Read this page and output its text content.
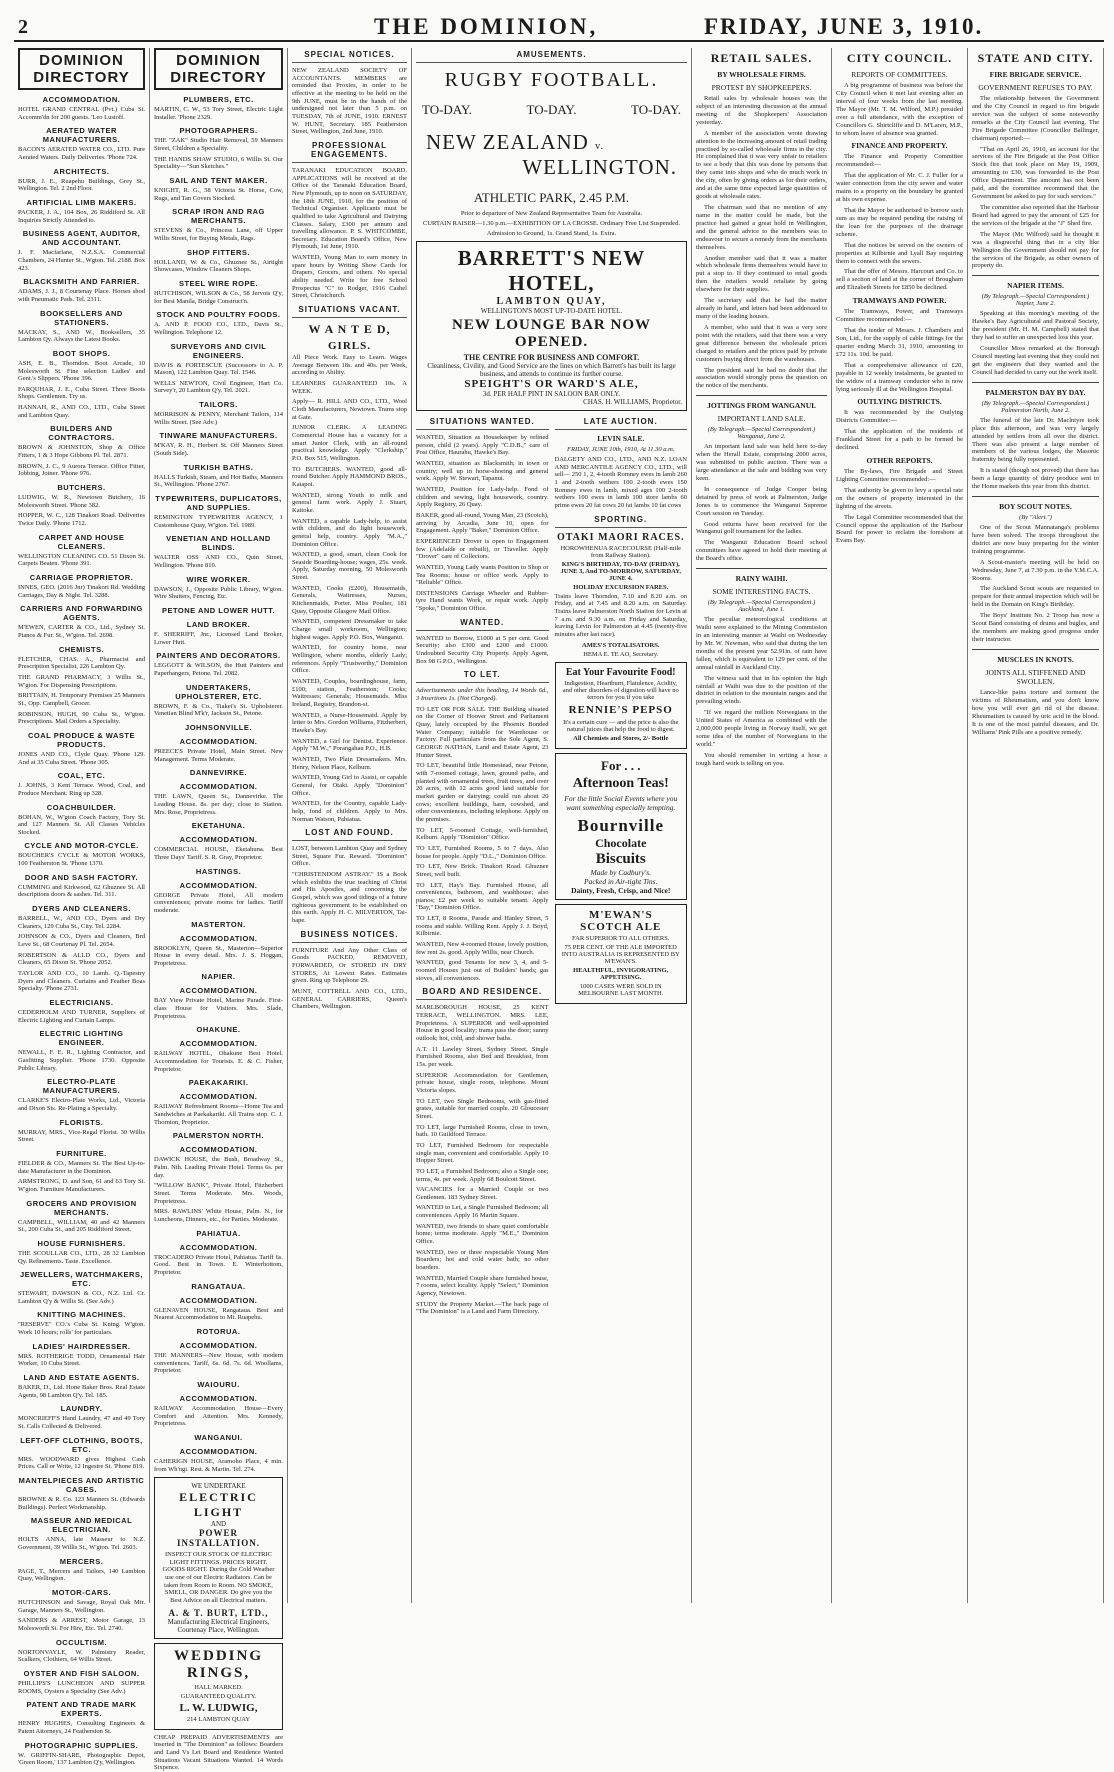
2	THE DOMINION,	FRIDAY, JUNE 3, 1910.
DOMINION DIRECTORY
ACCOMMODATION.
HOTEL GRAND CENTRAL (Pvt.) Cuba St. Accomm'dn for 200 guests. 'Leo Lustoff.
AERATED WATER MANUFACTURERS.
BACON'S AERATED WATER CO., LTD. Pure Aerated Waters. Daily Deliveries. 'Phone 724.
ARCHITECTS.
BURR, J. E., Ruapehu Buildings, Grey St., Wellington. Tel. 2 2nd Floor.
ARTIFICIAL LIMB MAKERS.
PACKER, J. A., 104 Box, 26 Riddiford St. All Inquiries Strictly Attended to.
BUSINESS AGENT, AUDITOR, AND ACCOUNTANT.
J. F. Macfarlane, N.Z.S.A. Commercial Chambers, 24 Hunter St., Wgton. Tel. 2188. Box 423.
BLACKSMITH AND FARRIER.
ADAMS, J. J., 8 Courtenay Place. Horses shod with Pneumatic Pads. Tel. 2311.
BOOKSELLERS AND STATIONERS.
MACKAY, S., AND W., Booksellers, 35 Lambton Qy. Always the Latest Books.
BOOT SHOPS.
ASH, E. B., Thorndon. Boot Arcade, 10 Molesworth St. Fine selection Ladies' and Gent.'s Slippers. 'Phone 396.
FARQUHAR, J. E., Cuba Street. Three Boots Shops. Gentlemen. Try us.
HANNAH, R., AND CO., LTD., Cuba Street and Lambton Quay.
BUILDERS AND CONTRACTORS.
BROWN & JOHNSTON, Shop & Office Fitters, 1 & 3 Hope Gibbons Pl. Tel. 2871.
BROWN, J. C., 9 Aurora Terrace. Office Fitter, Jobbing, Joiner. 'Phone 976.
BUTCHERS.
LUDWIG, W. R., Newtown Butchery, 16 Molesworth Street. 'Phone 382.
HOPPER, W. C., 128 Tinakori Road. Deliveries Twice Daily. 'Phone 1712.
CARPET AND HOUSE CLEANERS.
WELLINGTON CLEANING CO. 51 Dixon St. Carpets Beaten. 'Phone 391.
CARRIAGE PROPRIETOR.
INNES, GEO. (2016 Jnr) Tinakori Rd. Wedding Carriages, Day & Night. Tel. 3288.
CARRIERS AND FORWARDING AGENTS.
M'EWEN, CARTER & CO., Ltd., Sydney St. Pianos & Fur. St., W'gton. Tel. 2698.
CHEMISTS.
FLETCHER, CHAS. A., Pharmacist and Prescription Specialist, 226 Lambton Qy.
THE GRAND PHARMACY, 3 Willis St., W'gton. For Dispensing Prescriptions.
BRITTAIN, H. Temporary Premises 25 Manners St., Opp. Campbell, Grocer.
ROBINSON, HUGH, 90 Cuba St., W'gton. Prescriptions. Mail Orders a Speciality.
COAL PRODUCE & WASTE PRODUCTS.
JONES AND CO., Clyde Quay. 'Phone 129. And at 35 Cuba Street. 'Phone 305.
COAL, ETC.
J. JOHNS, 3 Kent Terrace. Wood, Coal, and Produce Merchant. Ring up 328.
COACHBUILDER.
BOHAN, W., W'gton Coach Factory, Tory St. and 127 Manners St. All Classes Vehicles Stocked.
CYCLE AND MOTOR-CYCLE.
BOUCHER'S CYCLE & MOTOR WORKS, 100 Featherston St. 'Phone 1370.
DOOR AND SASH FACTORY.
CUMMING and Kirkwood, 62 Ghuznee St. All descriptions doors & sashes. Tel. 311.
DYERS AND CLEANERS.
BARRELL, W., AND CO., Dyers and Dry Cleaners, 129 Cuba St., City. Tel. 2284.
JOHNSON & CO., Dyers and Cleaners, Brd Leve St., 68 Courtenay Pl. Tel. 2654.
ROBERTSON & ALLD CO., Dyers and Cleaners, 65 Dixon St. 'Phone 2052.
TAYLOR AND CO., 10 Lamb. Q.-Tapestry Dyers and Cleaners. Curtains and Feather Boas Specialty. 'Phone 2731.
ELECTRICIANS.
CEDERHOLM AND TURNER, Suppliers of Electric Lighting and Curtain Lamps.
ELECTRIC LIGHTING ENGINEER.
NEWALL, F. E. R., Lighting Contractor, and Gasfitting Supplier. 'Phone 1730. Opposite Public Library.
ELECTRO-PLATE MANUFACTURERS.
CLARKE'S Electro-Plate Works, Ltd., Victoria and Dixon Sts. Re-Plating a Specialty.
FLORISTS.
MURRAY, MRS., Vice-Regal Florist. 30 Willis Street.
FURNITURE.
FIELDER & CO., Manners St. The Best Up-to-date Manufacturer in the Dominion.
ARMSTRONG, D. and Son, 61 and 63 Tory St. W'gton. Furniture Manufacturers.
GROCERS AND PROVISION MERCHANTS.
CAMPBELL, WILLIAM, 40 and 42 Manners St., 200 Cuba St., and 205 Riddiford Street.
HOUSE FURNISHERS.
THE SCOULLAR CO., LTD., 28 32 Lambton Qy. Refinements. Taste. Excellence.
JEWELLERS, WATCHMAKERS, ETC.
STEWART, DAWSON & CO., N.Z. Ltd. Cr. Lambton Q'y & Willis St. (See Adv.)
KNITTING MACHINES.
"RESERVE" CO.'s Cuba St. Kntng. W'gton. Work 10 hours; rolls' for particulars.
LADIES' HAIRDRESSER.
MRS. ROTHERIGE TODD, Ornamental Hair Worker, 10 Cuba Street.
LAND AND ESTATE AGENTS.
BAKER, D., Ltd. Hone Baker Bros. Real Estate Agents, 98 Lambton Q'y. Tel. 185.
LAUNDRY.
MONCRIEFF'S Hand Laundry, 47 and 49 Tory St. Calls Collected & Delivered.
LEFT-OFF CLOTHING, BOOTS, ETC.
MRS. WOODWARD gives Highest Cash Prices. Call or Write, 12 Ingestre St. 'Phone 819.
MANTELPIECES AND ARTISTIC CASES.
BROWNE & R. Co. 123 Manners St. (Edwards Buildings). Perfect Workmanship.
MASSEUR AND MEDICAL ELECTRICIAN.
HOLTS ANNA, late Masseur to N.Z. Government, 39 Willis St., W'gton. Tel. 2603.
MERCERS.
PAGE, T., Mercers and Tailors, 140 Lambton Quay, Wellington.
MOTOR-CARS.
HUTCHINSON and Savage, Royal Oak Mtr. Garage, Manners St., Wellington.
SANDERS & ARREST, Motor Garage, 13 Molesworth St. For Hire, Etc. Tel. 2740.
OCCULTISM.
NORTONVAYLE, W. Palmistry Reader, Scalkers, Clothiers, 64 Willis Street.
OYSTER AND FISH SALOON.
PHILLIPS'S LUNCHEON AND SUPPER ROOMS, Oysters a Speciality (See Adv.)
PATENT AND TRADE MARK EXPERTS.
HENRY HUGHES, Consulting Engineers & Patent Attorneys, 24 Featherston St.
PHOTOGRAPHIC SUPPLIES.
W. GRIFFIN-SHARE, Photographic Depot, 'Green Room,' 137 Lambton Q'y, Wellington.
DOMINION DIRECTORY
PLUMBERS, ETC.
MARTIN, C. W., 53 Tory Street, Electric Light Installer. 'Phone 2329.
PHOTOGRAPHERS.
THE "ZAK" Studio Hair Removal, 59 Manners Street, Children a Speciality.
THE HANDS SHAW STUDIO, 6 Willis St. Our Speciality—"Sun Sketches."
SAIL AND TENT MAKER.
KNIGHT, R. G., 58 Victoria St. Horse, Cow, Rugs, and Tan Covers Stocked.
SCRAP IRON AND RAG MERCHANTS.
STEVENS & Co., Princess Lane, off Upper Willis Street, for Buying Metals, Rags.
SHOP FITTERS.
HOLLAND, W. & Co., Ghuznee St., Airtight Showcases, Window Cleaners Shops.
STEEL WIRE ROPE.
HUTCHISON, WILSON & Co., 58 Jervois Q'y, for Best Manila, Bridge Construct'n.
STOCK AND POULTRY FOODS.
A. AND P. FOOD CO., LTD., Davis St., Wellington. Telephone 12.
SURVEYORS AND CIVIL ENGINEERS.
DAVIS & FORTESCUE (Successors to A. P. Mason), 122 Lambton Quay. Tel. 1546.
WELLS NEWTON, Civil Engineer, Hart Co. Survey'r, 20 Lambton Q'y. Tel. 2021.
TAILORS.
MORRISON & PENNY, Merchant Tailors, 114 Willis Street. (See Adv.)
TINWARE MANUFACTURERS.
M'KAY, R. H., Herbert St. Off Manners Street (South Side).
TURKISH BATHS.
HALLS Turkish, Steam, and Hot Baths, Manners St., Wellington. 'Phone 2767.
TYPEWRITERS, DUPLICATORS, AND SUPPLIES.
REMINGTON TYPEWRITER AGENCY, 1 Customhouse Quay, W'gton. Tel. 1989.
VENETIAN AND HOLLAND BLINDS.
WALTER OSS AND CO., Quin Street, Wellington. 'Phone 810.
WIRE WORKER.
DAWSON, J., Opposite Public Library, W'gton. Wire Shutters, Fencing, Etc.
PETONE AND LOWER HUTT.
LAND BROKER.
F. SHERRIFF, Jnr., Licensed Land Broker, Lower Hutt.
PAINTERS AND DECORATORS.
LEGGOTT & WILSON, the Hutt Painters and Paperhangers, Petone. Tel. 2082.
UNDERTAKERS, UPHOLSTERER, ETC.
BROWN, F. & Co., Tiakei's St. Upholsterer. Venetian Blind M'k'r, Jackson St., Petone.
JOHNSONVILLE.
ACCOMMODATION.
PREECE'S Private Hotel, Main Street. New Management. Terms Moderate.
DANNEVIRKE.
ACCOMMODATION.
THE LAWN, Queen St., Dannevirke. The Leading House. 8s. per day; close to Station. Mrs. Rose, Proprietress.
EKETAHUNA.
ACCOMMODATION.
COMMERCIAL HOUSE, Eketahuna. Best Three Days' Tariff. S. R. Gray, Proprietor.
HASTINGS.
ACCOMMODATION.
GEORGE Private Hotel, All modern conveniences; private rooms for ladies. Tariff moderate.
MASTERTON.
ACCOMMODATION.
BROOKLYN, Queen St., Masterton—Superior House in every detail. Mrs. J. S. Hoggan, Proprietress.
NAPIER.
ACCOMMODATION.
BAY View Private Hotel, Marine Parade. First-class House for Visitors. Mrs. Slade, Proprietress.
OHAKUNE.
ACCOMMODATION.
RAILWAY HOTEL, Ohakune Best Hotel. Accommodation for Tourists. E. & C. Fisher, Proprietor.
PAEKAKARIKI.
ACCOMMODATION.
RAILWAY Refreshment Rooms—Home Tea and Sandwiches at Paekakariki. All Trains stop. C. J. Thornton, Proprietor.
PALMERSTON NORTH.
ACCOMMODATION.
DAWICK HOUSE, the Bush, Broadway St., Palm. Nth. Leading Private Hotel. Terms 6s. per day.
"WILLOW BANK", Private Hotel, Fitzherbert Street. Terms Moderate. Mrs. Woods, Proprietress.
MRS. RAWLINS' White House, Palm. N., for Luncheons, Dinners, etc., for Parties. Moderate.
PAHIATUA.
ACCOMMODATION.
TROCADERO Private Hotel, Pahiatua. Tariff 6s. Good. Best in Town. E. Winterbottom, Proprietor.
RANGATAUA.
ACCOMMODATION.
GLENAVEN HOUSE, Rangataua. Best and Nearest Accommodation to Mt. Ruapehu.
ROTORUA.
ACCOMMODATION.
THE MANNERS—New House, with modern conveniences. Tariff, 6s. 6d. 7s. 6d. Woollams, Proprietor.
WAIOURU.
ACCOMMODATION.
RAILWAY Accommodation House—Every Comfort and Attention. Mrs. Kennedy, Proprietress.
WANGANUI.
ACCOMMODATION.
CAHERIGN HOUSE, Aramoho Place, 4 min. from Wh'ngi. Rest. & Martin. Tel. 274.
WE UNDERTAKE
ELECTRIC LIGHT
AND
POWER INSTALLATION.
INSPECT OUR STOCK OF ELECTRIC LIGHT FITTINGS. PRICES RIGHT. GOODS RIGHT. During the Cold Weather use one of our Electric Radiators. Can be taken from Room to Room. NO SMOKE, SMELL, OR DANGER. Do give you the Best Advice on all Electrical matters.
A. & T. BURT, LTD.,
Manufacturing Electrical Engineers, Courtenay Place, Wellington.
WEDDING RINGS,
HALL MARKED.
GUARANTEED QUALITY.
L. W. LUDWIG,
214 LAMBTON QUAY
CHEAP PREPAID ADVERTISEMENTS are inserted in "The Dominion" as follows: Boarders and Land Vs Let Board and Residence Wanted Situations Vacant Situations Wanted. 14 Words Sixpence.
SPECIAL NOTICES.
NEW ZEALAND SOCIETY OF ACCOUNTANTS. MEMBERS are reminded that Proxies, in order to be effective at the meeting to be held on the 9th JUNE, must be in the hands of the undersigned not later than 5 p.m. on TUESDAY, 7th of JUNE, 1910. ERNEST W. HUNT, Secretary. 185 Featherston Street, Wellington, 2nd June, 1910.
PROFESSIONAL ENGAGEMENTS.
TARANAKI EDUCATION BOARD. APPLICATIONS will be received at the Office of the Taranaki Education Board, New Plymouth, up to noon on SATURDAY, the 18th JUNE, 1910, for the position of Technical Organiser. Applicants must be qualified to take Agricultural and Dairying Classes. Salary, £300 per annum and travelling allowance. P. S. WHITCOMBE, Secretary. Education Board's Office, New Plymouth, 1st June, 1910.
WANTED, Young Man to earn money in spare hours by Writing Show Cards for Drapers, Grocers, and others. No special ability needed. Write for free School Prospectus "C" to Rodger, 1916 Cashel Street, Christchurch.
SITUATIONS VACANT.
W A N T E D,
GIRLS.
All Piece Work. Easy to Learn. Wages Average Between 18s. and 40s. per Week, according to Ability.
LEARNERS GUARANTEED 10s. A WEEK.
Apply— R. HILL AND CO., LTD., Wool Cloth Manufacturers, Newtown. Trams stop at Gate.
JUNIOR CLERK. A LEADING Commercial House has a vacancy for a smart Junior Clerk, with an all-round practical knowledge. Apply "Clerkship," P.O. Box 515, Wellington.
TO BUTCHERS. WANTED, good all-round Butcher. Apply HAMMOND BROS., Kaiapoi.
WANTED, strong Youth to milk and general farm work. Apply J. Stuart, Kaitoke.
WANTED, a capable Lady-help, to assist with children, and do light housework, general help, country. Apply "M.A.," Dominion Office.
WANTED, a good, smart, clean Cook for Seaside Boarding-house; wages, 25s. week. Apply, Saturday morning, 50 Molesworth Street.
WANTED, Cooks (£200), Housemaids, Generals, Waitresses, Nurses, Kitchenmaids, Porter. Miss Poulter, 181 Quay, Opposite Glasgow Mail Office.
WANTED, competent Dressmaker to take Charge small workroom, Wellington; highest wages. Apply P.O. Box, Wanganui.
WANTED, for country home, near Wellington, where months, elderly Lady; references. Apply "Trustworthy," Dominion Office.
WANTED, Couples, boardinghouse, farm, £100; station, Featherston; Cooks; Waitresses; Generals; Housemaids. Miss Ireland, Registry, Brandon-st.
WANTED, a Nurse-Housemaid. Apply by letter to Mrs. Gordon Williams, Fitzherbert, Hawke's Bay.
WANTED, a Girl for Dentist. Experience. Apply "M.W.," Porangahau P.O., H.B.
WANTED, Two Plain Dressmakers. Mrs. Henry, Nelson Place, Kelburn.
WANTED, Young Girl to Assist, or capable General, for Otaki. Apply "Dominion" Office.
WANTED, for the Country, capable Lady-help, fond of children. Apply to Mrs. Norman Watson, Pahiatua.
LOST AND FOUND.
LOST, between Lambton Quay and Sydney Street, Square Fur. Reward. "Dominion" Office.
"CHRISTENDOM ASTRAY." IS a Book which exhibits the true teaching of Christ and His Apostles, and concerning the Gospel, which was good tidings of a future righteous government to be established on this earth. Apply H. C. MILVERTON, Tai-hape.
BUSINESS NOTICES.
FURNITURE And Any Other Class of Goods PACKED, REMOVED, FORWARDED, Or STORED IN DRY STORES, At Lowest Rates. Estimates given. Ring up Telephone 29.
MUNT, COTTRELL AND CO., LTD., GENERAL CARRIERS, Queen's Chambers, Wellington.
AMUSEMENTS.
RUGBY FOOTBALL.
TO-DAY.	TO-DAY.	TO-DAY.
NEW ZEALAND v.
WELLINGTON.
ATHLETIC PARK, 2.45 P.M.
Prior to departure of New Zealand Representative Team for Australia.
CURTAIN RAISER—1.30 p.m.—EXHIBITION OF LA CROSSE. Ordinary Free List Suspended.
Admission to Ground, 1s. Grand Stand, 1s. Extra.
BARRETT'S NEW HOTEL,
LAMBTON QUAY,
WELLINGTON'S MOST UP-TO-DATE HOTEL.
NEW LOUNGE BAR NOW OPENED.
THE CENTRE FOR BUSINESS AND COMFORT.
Cleanliness, Civility, and Good Service are the lines on which Barrett's has built its large business, and attends to continue its further course.
SPEIGHT'S OR WARD'S ALE,
3d. PER HALF PINT IN SALOON BAR ONLY.
CHAS. H. WILLIAMS, Proprietor.
SITUATIONS WANTED.
WANTED, Situation as Housekeeper by refined person, child (2 years). Apply "C.D.B.," care of Post Office, Haurahu, Hawke's Bay.
WANTED, situation as Blacksmith; in town or country; well up in horse-shoeing and general work. Apply W. Stewart, Tapanui.
WANTED, Position for Lady-help. Fond of children and sewing, light housework, country. Apply Registry, 26 Quay.
BAKER, good all-round, Young Man, 23 (Scotch), arriving by Arcadia, June 10, open for Engagement. Apply "Baker," Dominion Office.
EXPERIENCED Drover is open to Engagement few (Adelaide or rebuilt), or Traveller. Apply "Drover" care of Collectors.
WANTED, Young Lady wants Position to Shop or Tea Rooms; house or office work. Apply to "Reliable" Office.
DISTENSIONS Carriage Wheeler and Rubber-tyre Hand wants Work, or repair work. Apply "Spoke," Dominion Office.
WANTED.
WANTED to Borrow, £1000 at 5 per cent. Good Security; also £300 and £200 and £1000. Undoubted Security City Property. Apply Agent, Box 98 G.P.O., Wellington.
TO LET.
Advertisements under this heading, 14 Words 6d., 3 Insertions 1s. (Not Charged).
TO LET OR FOR SALE. THE Building situated on the Corner of Hoover Street and Parliament Quay, lately occupied by the Phoenix Bonded Water Company; suitable for Warehouse or Factory. Full particulars from the Sole Agent, S. GEORGE NATHAN, Land and Estate Agent, 23 Hunter Street.
TO LET, beautiful little Homestead, near Petone, with 7-roomed cottage, lawn, ground paths, and planted with ornamental trees, fruit trees, and over 20 acres, with 12 acres good land suitable for market garden or dairying; could run about 20 cows; excellent buildings, barn, cowshed, and other conveniences, including telephone. Apply on the premises.
TO LET, 5-roomed Cottage, well-furnished, Kelburn. Apply "Dominion" Office.
TO LET, Furnished Rooms, 5 to 7 days. Also house for people. Apply "D.L.," Dominion Office.
TO LET, New Brick. Tinakori Road. Ghuznee Street, well built.
TO LET, Hay's Bay. Furnished House, all conveniences, bathroom, and washhouse; also pianos; £2 per week to suitable tenant. Apply "Bay," Dominion Office.
TO LET, 8 Rooms, Parade and Hanley Street, 5 rooms and stable. Willing Rent. Apply J. J. Boyd, Kilbirnie.
WANTED, New 4-roomed House, lovely position, few rent 2s. good. Apply Willis, near Church.
WANTED, good Tenants for new 3, 4, and 5-roomed Houses just out of Builders' hands; gas stoves, all conveniences.
BOARD AND RESIDENCE.
MARLBOROUGH HOUSE, 25 KENT TERRACE, WELLINGTON. MRS. LEE, Proprietress. A SUPERIOR and well-appointed House in good locality; trams pass the door; sunny outlook; hot, cold, and shower baths.
A.T. 11 Lawley Street, Sydney Street. Single Furnished Rooms, also Bed and Breakfast, from 15s. per week.
SUPERIOR Accommodation for Gentlemen, private house, single room, telephone. Mount Victoria slopes.
TO LET, two Single Bedrooms, with gas-fitted grates, suitable for married couple. 20 Gloucester Street.
TO LET, large Furnished Rooms, close to town, bath. 10 Guildford Terrace.
TO LET, Furnished Bedroom for respectable single man, convenient and comfortable. Apply 10 Hopper Street.
TO LET, a Furnished Bedroom; also a Single one; terms, 4s. per week. Apply 68 Boulcott Street.
VACANCIES for a Married Couple or two Gentlemen. 183 Sydney Street.
WANTED to Let, a Single Furnished Bedroom; all conveniences. Apply 16 Martin Square.
WANTED, two friends to share quiet comfortable home; terms moderate. Apply "M.E.," Dominion Office.
WANTED, two or three respectable Young Men Boarders; hot and cold water bath; no other boarders.
WANTED, Married Couple share furnished house, 7 rooms, select locality. Apply "Select," Dominion Agency, Newtown.
STUDY the Property Market.—The back page of "The Dominion" is a Land and Farm Directory.
LATE AUCTION.
LEVIN SALE.
FRIDAY, JUNE 10th, 1910, At 11.30 a.m.
DALGETY AND CO., LTD., AND N.Z. LOAN AND MERCANTILE AGENCY CO., LTD., will sell— 250 1, 2, 4-tooth Romney ewes in lamb 260 1 and 2-tooth wethers 100 2-tooth ewes 150 Romney ewes in lamb, mixed ages 100 2-tooth wethers 100 ewes in lamb 100 store lambs 60 prime ewes 20 fat cows 20 fat lambs 10 fat cows
SPORTING.
OTAKI MAORI RACES.
HOROWHENUA RACECOURSE (Half-mile from Railway Station).
KING'S BIRTHDAY, TO-DAY (FRIDAY), JUNE 3, And TO-MORROW, SATURDAY, JUNE 4.
HOLIDAY EXCURSION FARES.
Trains leave Thorndon, 7.10 and 8.20 a.m. on Friday, and at 7.45 and 8.20 a.m. on Saturday. Trains leave Palmerston North Station for Levin at 7 a.m. and 9.30 a.m. on Friday and Saturday, leaving Levin for Palmerston at 4.45 (twenty-five minutes after last race).
AMES'S TOTALISATORS.
HEMA E. TE AO, Secretary.
Eat Your Favourite Food!
Indigestion, Heartburn, Flatulence, Acidity, and other disorders of digestion will have no terrors for you if you take
RENNIE'S PEPSO
It's a certain cure — and the price is also the natural juices that help the food to digest.
All Chemists and Stores, 2/- Bottle
For . . .
Afternoon Teas!
For the little Social Events where you want something especially tempting.
Bournville
Chocolate
Biscuits
Made by Cadbury's.
Packed in Air-tight Tins.
Dainty, Fresh, Crisp, and Nice!
M'EWAN'S
SCOTCH ALE
FAR SUPERIOR TO ALL OTHERS.
75 PER CENT. OF THE ALE IMPORTED INTO AUSTRALIA IS REPRESENTED BY M'EWAN'S.
HEALTHFUL, INVIGORATING, APPETISING.
1000 CASES WERE SOLD IN MELBOURNE LAST MONTH.
RETAIL SALES.
BY WHOLESALE FIRMS.
PROTEST BY SHOPKEEPERS.
Retail sales by wholesale houses was the subject of an interesting discussion at the annual meeting of the Shopkeepers' Association yesterday.
A member of the association wrote drawing attention to the increasing amount of retail trading practised by so-called wholesale firms in the city. He complained that it was very unfair to retailers to see a body that this was done by persons that they came into shops and who do much work in the city, often by giving orders as for their orders, and at the same time expected large quantities of goods at wholesale rates.
The chairman said that no mention of any name in the matter could be made, but the practice had gained a great hold in Wellington, and the general advice to the members was to endeavour to secure a remedy from the merchants themselves.
Another member said that it was a matter which wholesale firms themselves would have to put a stop to. If they continued to retail goods then the retailers would retaliate by going elsewhere for their supplies.
The secretary said that he had the matter already in hand, and letters had been addressed to many of the leading houses.
A member, who said that it was a very sore point with the retailers, said that there was a very great difference between the wholesale prices charged to retailers and the prices paid by private customers buying direct from the warehouses.
The president said he had no doubt that the association would strongly press the question on the notice of the merchants.
JOTTINGS FROM WANGANUI.
IMPORTANT LAND SALE.
(By Telegraph.—Special Correspondent.) Wanganui, June 2.
An important land sale was held here to-day when the Herall Estate, comprising 2000 acres, was submitted to public auction. There was a large attendance at the sale and bidding was very keen.
In consequence of Judge Cooper being detained by press of work at Palmerston, Judge Jones is to commence the Wanganui Supreme Court session on Tuesday.
Good returns have been received for the Wanganui golf tournament for the ladies.
The Wanganui Education Board school committees have agreed to hold their meeting at the Board's office.
RAINY WAIHI.
SOME INTERESTING FACTS.
(By Telegraph.—Special Correspondent.) Auckland, June 1.
The peculiar meteorological conditions at Waihi were explained to the Mining Commission in an interesting manner at Waihi on Wednesday by Mr. W. Newman, who said that during the ten months of the present year 52.91in. of rain have fallen, which is equivalent to 129 per cent. of the annual rainfall in Auckland City.
The witness said that in his opinion the high rainfall at Waihi was due to the position of the district in relation to the mountain ranges and the prevailing winds.
"If we regard the million Norwegians in the United States of America as combined with the 2,000,000 people living in Norway itself, we get some idea of the number of Norwegians in the world."
You should remember in writing a hour a tough hard work is telling on you.
CITY COUNCIL.
REPORTS OF COMMITTEES.
A big programme of business was before the City Council when it met last evening after an interval of four weeks from the last meeting. The Mayor (Mr. T. M. Wilford, M.P.) presided over a full attendance, with the exception of Councillors G. Shirtcliffe and D. M'Laren, M.P., to whom leave of absence was granted.
FINANCE AND PROPERTY.
The Finance and Property Committee recommended:—
That the application of Mr. C. J. Fuller for a water connection from the city sewer and water mains to a property on the boundary be granted at his own expense.
That the Mayor be authorised to borrow such sum as may be required pending the raising of the loan for the purposes of the drainage scheme.
That the notices be served on the owners of properties at Kilbirnie and Lyall Bay requiring them to connect with the sewers.
That the offer of Messrs. Harcourt and Co. to sell a section of land at the corner of Brougham and Elizabeth Streets for £850 be declined.
TRAMWAYS AND POWER.
The Tramways, Power, and Tramways Committee recommended:—
That the tender of Messrs. J. Chambers and Son, Ltd., for the supply of cable fittings for the quarter ending March 31, 1910, amounting to £72 11s. 10d. be paid.
That a comprehensive allowance of £20, payable in 12 weekly instalments, be granted to the widow of a tramway conductor who is now lying seriously ill at the Wellington Hospital.
OUTLYING DISTRICTS.
It was recommended by the Outlying Districts Committee:—
That the application of the residents of Frankland Street for a path to be formed be declined.
OTHER REPORTS.
The By-laws, Fire Brigade and Street Lighting Committee recommended:—
That authority be given to levy a special rate on the owners of property interested in the lighting of the streets.
The Legal Committee recommended that the Council oppose the application of the Harbour Board for power to reclaim the foreshore at Evans Bay.
STATE AND CITY.
FIRE BRIGADE SERVICE.
GOVERNMENT REFUSES TO PAY.
The relationship between the Government and the City Council in regard to fire brigade service was the subject of some noteworthy remarks at the City Council last evening. The Fire Brigade Committee (Councillor Ballinger, chairman) reported:—
"That on April 26, 1910, an account for the services of the Fire Brigade at the Post Office Stock fire that took place on May 19, 1909, amounting to £30, was forwarded to the Post Office Department. The amount has not been paid, and the committee recommend that the Government be asked to pay for such services."
The committee also reported that the Harbour Board had agreed to pay the amount of £25 for the services of the brigade at the "J" Shed fire.
The Mayor (Mr. Wilford) said he thought it was a disgraceful thing that in a city like Wellington the Government should not pay for the services of the Brigade, as other owners of property do.
NAPIER ITEMS.
(By Telegraph.—Special Correspondent.) Napier, June 2.
Speaking at this morning's meeting of the Hawke's Bay Agricultural and Pastoral Society, the president (Mr. H. M. Campbell) stated that they had to suffer an unexpected loss this year.
Councillor Moss remarked at the Borough Council meeting last evening that they could not get the engineers that they wanted and the Council had decided to carry out the work itself.
PALMERSTON DAY BY DAY.
(By Telegraph.—Special Correspondent.) Palmerston North, June 2.
The funeral of the late Dr. Maclntyre took place this afternoon, and was very largely attended by settlers from all over the district. There was also present a large number of members of the various lodges, the Masonic fraternity being fully represented.
It is stated (though not proved) that there has been a large quantity of dairy produce sent to the Home markets this year from this district.
BOY SCOUT NOTES.
(By "Alert.")
One of the Scout Mannatanga's problems have been solved. The troops throughout the district are now busy preparing for the winter training programme.
A Scout-master's meeting will be held on Wednesday, June 7, at 7.30 p.m. in the Y.M.C.A. Rooms.
The Auckland Scout scouts are requested to prepare for their annual inspection which will be held in the Domain on King's Birthday.
The Boys' Institute No. 2 Troop has now a Scout Band consisting of drums and bugles, and the members are making good progress under their instructor.
MUSCLES IN KNOTS.
JOINTS ALL STIFFENED AND SWOLLEN.
Lance-like pains torture and torment the victims of Rheumatism, and you don't know how you will ever get rid of the disease. Rheumatism is caused by uric acid in the blood. It is one of the most painful diseases, and Dr. Williams' Pink Pills are a positive remedy.
